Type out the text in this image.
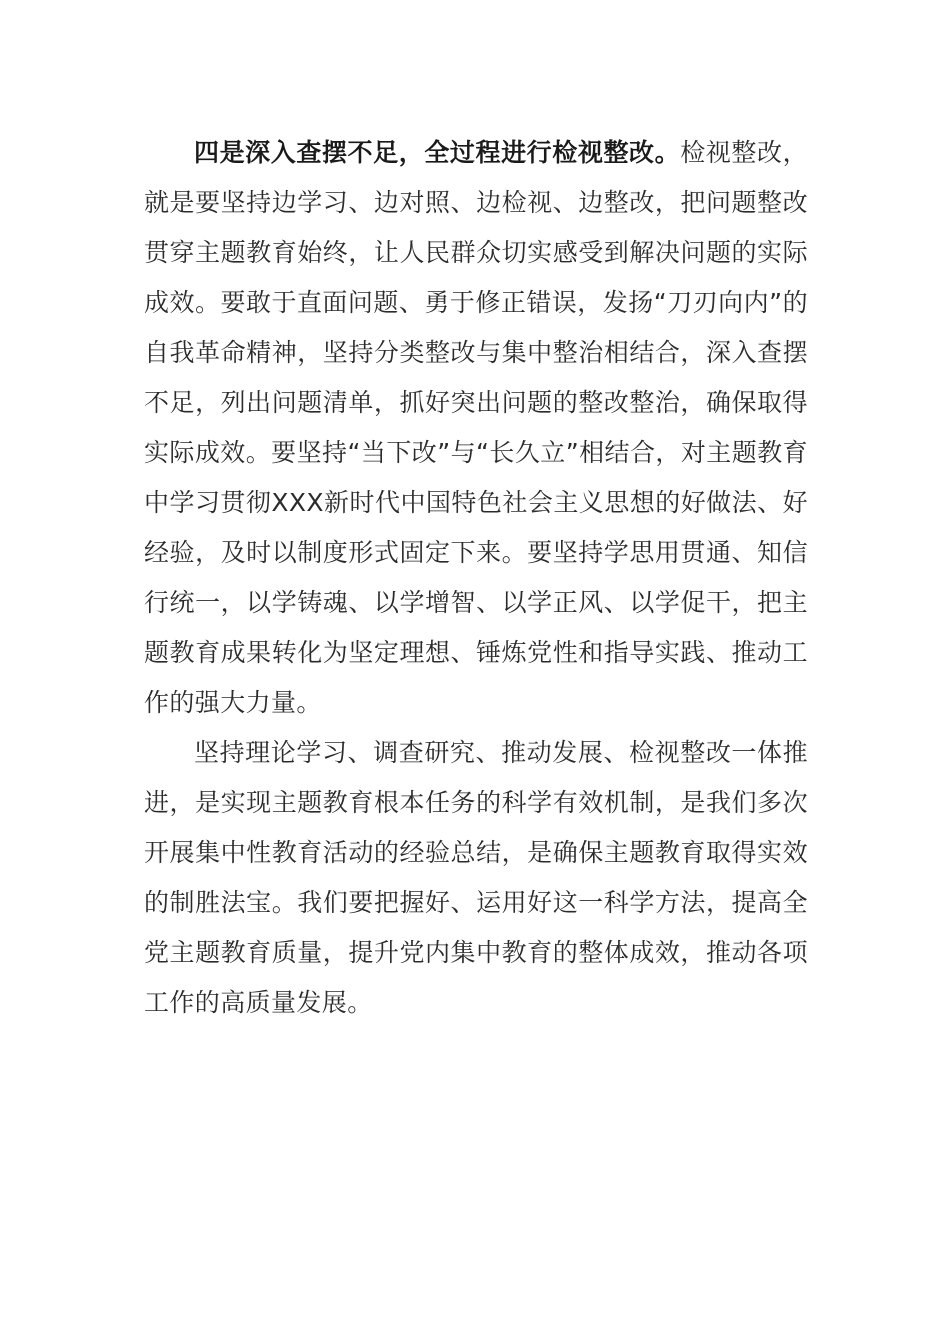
四是深入查摆不足，全过程进行检视整改。检视整改，就是要坚持边学习、边对照、边检视、边整改，把问题整改贯穿主题教育始终，让人民群众切实感受到解决问题的实际成效。要敢于直面问题、勇于修正错误，发扬“刀刃向内”的自我革命精神，坚持分类整改与集中整治相结合，深入查摆不足，列出问题清单，抓好突出问题的整改整治，确保取得实际成效。要坚持“当下改”与“长久立”相结合，对主题教育中学习贯彻XXX新时代中国特色社会主义思想的好做法、好经验，及时以制度形式固定下来。要坚持学思用贯通、知信行统一，以学铸魂、以学增智、以学正风、以学促干，把主题教育成果转化为坚定理想、锤炼党性和指导实践、推动工作的强大力量。

坚持理论学习、调查研究、推动发展、检视整改一体推进，是实现主题教育根本任务的科学有效机制，是我们多次开展集中性教育活动的经验总结，是确保主题教育取得实效的制胜法宝。我们要把握好、运用好这一科学方法，提高全党主题教育质量，提升党内集中教育的整体成效，推动各项工作的高质量发展。
